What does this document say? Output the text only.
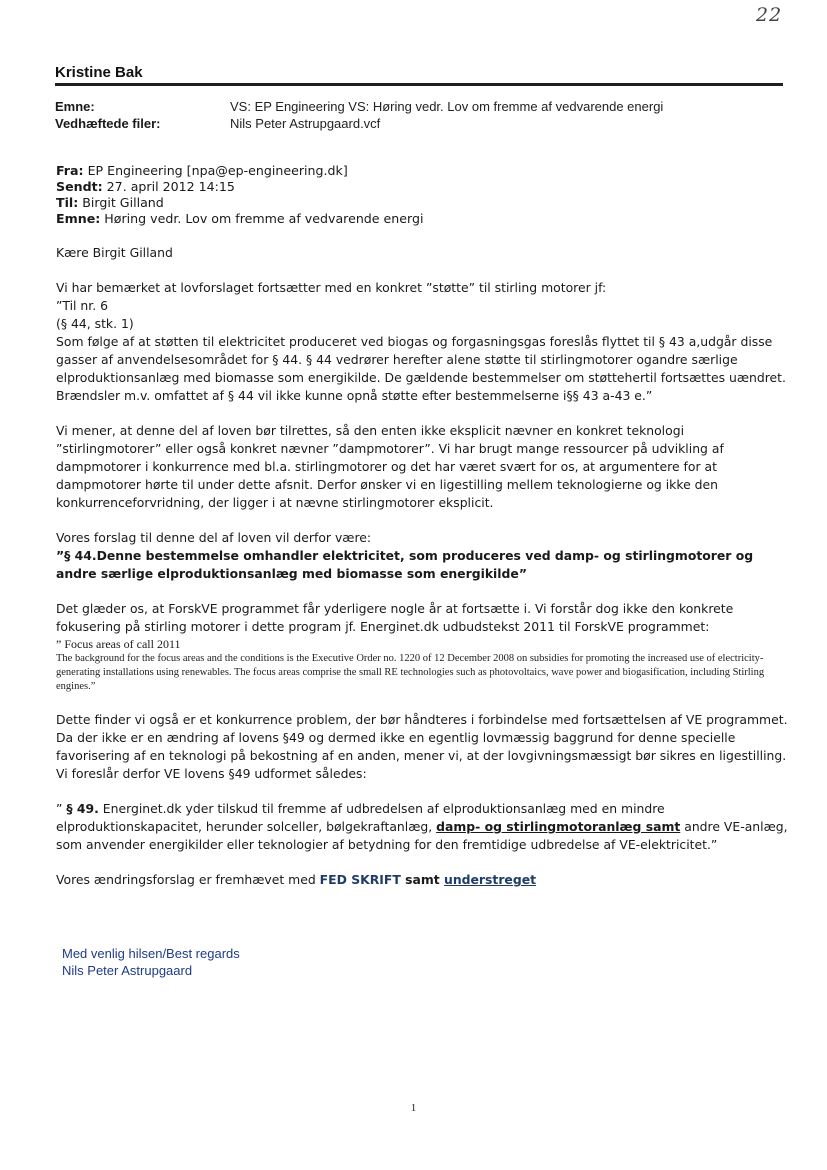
22
Kristine Bak
Emne:	VS: EP Engineering VS: Høring vedr. Lov om fremme af vedvarende energi
Vedhæftede filer:	Nils Peter Astrupgaard.vcf
Fra: EP Engineering [npa@ep-engineering.dk]
Sendt: 27. april 2012 14:15
Til: Birgit Gilland
Emne: Høring vedr. Lov om fremme af vedvarende energi

Kære Birgit Gilland

Vi har bemærket at lovforslaget fortsætter med en konkret ”støtte” til stirling motorer jf:

”Til nr. 6

(§ 44, stk. 1)

Som følge af at støtten til elektricitet produceret ved biogas og forgasningsgas foreslås flyttet til § 43 a,udgår disse gasser af anvendelsesområdet for § 44. § 44 vedrører herefter alene støtte til stirlingmotorer ogandre særlige elproduktionsanlæg med biomasse som energikilde. De gældende bestemmelser om støttehertil fortsættes uændret. Brændsler m.v. omfattet af § 44 vil ikke kunne opnå støtte efter bestemmelserne i§§ 43 a-43 e.”

Vi mener, at denne del af loven bør tilrettes, så den enten ikke eksplicit nævner en konkret teknologi ”stirlingmotorer” eller også konkret nævner ”dampmotorer”. Vi har brugt mange ressourcer på udvikling af dampmotorer i konkurrence med bl.a. stirlingmotorer og det har været svært for os, at argumentere for at dampmotorer hørte til under dette afsnit. Derfor ønsker vi en ligestilling mellem teknologierne og ikke den konkurrenceforvridning, der ligger i at nævne stirlingmotorer eksplicit.

Vores forslag til denne del af loven vil derfor være:

”§ 44.Denne bestemmelse omhandler elektricitet, som produceres ved damp- og stirlingmotorer og andre særlige elproduktionsanlæg med biomasse som energikilde”

Det glæder os, at ForskVE programmet får yderligere nogle år at fortsætte i. Vi forstår dog ikke den konkrete fokusering på stirling motorer i dette program jf. Energinet.dk udbudstekst 2011 til ForskVE programmet:

” Focus areas of call 2011

The background for the focus areas and the conditions is the Executive Order no. 1220 of 12 December 2008 on subsidies for promoting the increased use of electricity-generating installations using renewables. The focus areas comprise the small RE technologies such as photovoltaics, wave power and biogasification, including Stirling engines.”

Dette finder vi også er et konkurrence problem, der bør håndteres i forbindelse med fortsættelsen af VE programmet. Da der ikke er en ændring af lovens §49 og dermed ikke en egentlig lovmæssig baggrund for denne specielle favorisering af en teknologi på bekostning af en anden, mener vi, at der lovgivningsmæssigt bør sikres en ligestilling. Vi foreslår derfor VE lovens §49 udformet således:

” § 49. Energinet.dk yder tilskud til fremme af udbredelsen af elproduktionsanlæg med en mindre elproduktionskapacitet, herunder solceller, bølgekraftanlæg, damp- og stirlingmotoranlæg samt andre VE-anlæg, som anvender energikilder eller teknologier af betydning for den fremtidige udbredelse af VE-elektricitet.”

Vores ændringsforslag er fremhævet med FED SKRIFT samt understreget

Med venlig hilsen/Best regards
Nils Peter Astrupgaard
1
